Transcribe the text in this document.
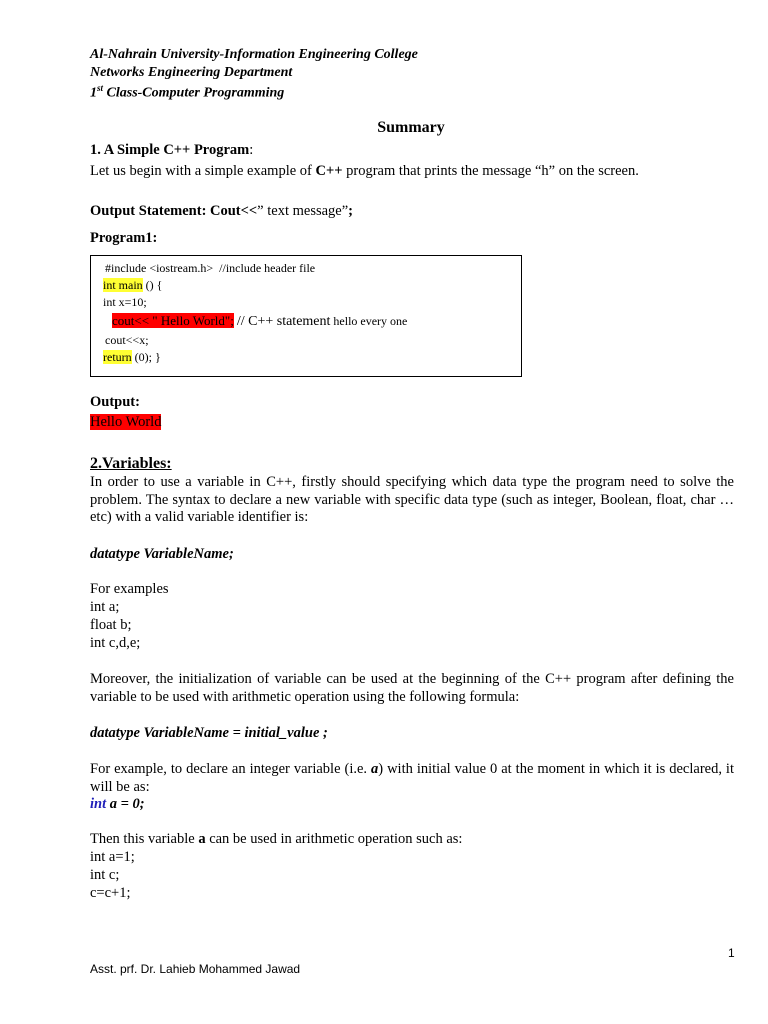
Al-Nahrain University-Information Engineering College
Networks Engineering Department
1st Class-Computer Programming
Summary
1. A Simple C++ Program:
Let us begin with a simple example of C++ program that prints the message “h” on the screen.
Output Statement: Cout<<” text message”;
Program1:
#include <iostream.h>  //include header file
int main () {
int x=10;
cout<< " Hello World"; // C++ statement hello every one
cout<<x;
return (0); }
Output:
Hello World
2.Variables:
In order to use a variable in C++, firstly should specifying which data type the program need to solve the problem. The syntax to declare a new variable with specific data type (such as integer, Boolean, float, char … etc) with a valid variable identifier is:
datatype VariableName;
For examples
int a;
float b;
int c,d,e;
Moreover, the initialization of variable can be used at the beginning of the C++ program after defining the variable to be used with arithmetic operation using the following formula:
datatype VariableName = initial_value ;
For example, to declare an integer variable (i.e. a) with initial value 0 at the moment in which it is declared, it will be as:
int a = 0;
Then this variable a can be used in arithmetic operation such as:
int a=1;
int c;
c=c+1;
1
Asst. prf. Dr. Lahieb Mohammed Jawad
